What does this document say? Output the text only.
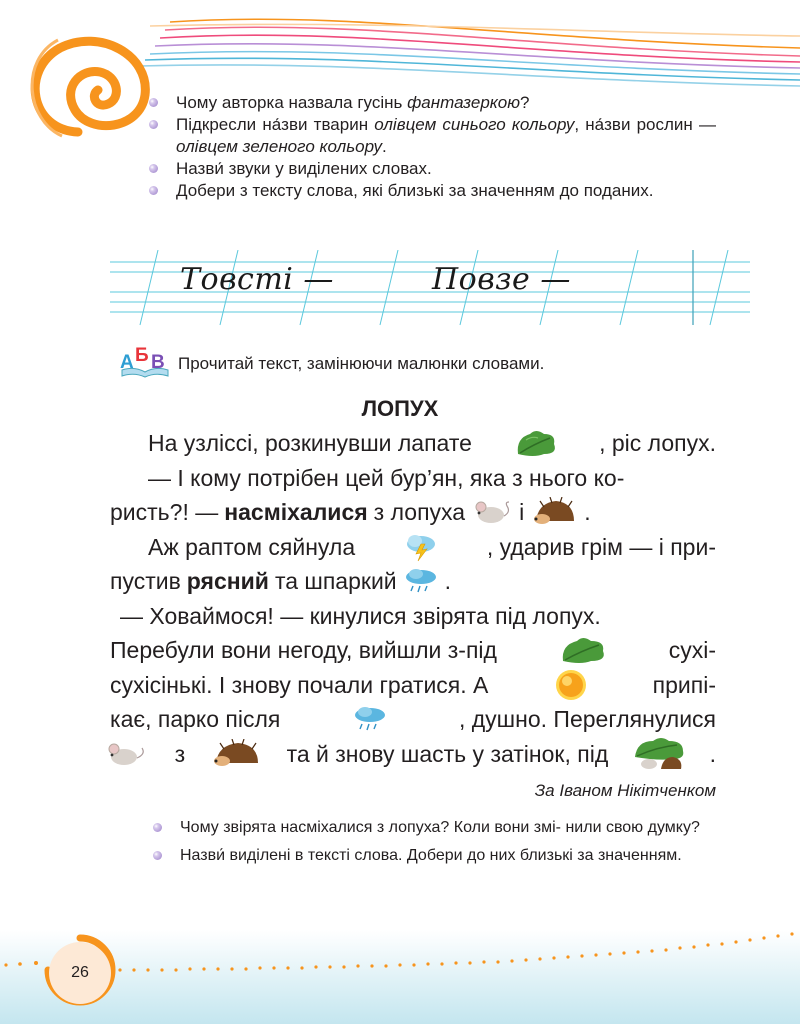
Чому авторка назвала гусінь фантазеркою?
Підкресли на́зви тварин олівцем синього кольору, на́зви рослин — олівцем зеленого кольору.
Назви́ звуки у виділених словах.
Добери з тексту слова, які близькі за значенням до поданих.
Товсті —	Повзе —
А Б В Прочитай текст, замінюючи малюнки словами.
ЛОПУХ
На узліссі, розкинувши лапате	, ріс лопух.
— І кому потрібен цей бур’ян, яка з нього ко-
ристь?! — насміхалися з лопуха і	.
Аж раптом сяйнула	, ударив грім — і при-
пустив рясний та шпаркий .
— Ховаймося! — кинулися звірята під лопух.
Перебули вони негоду, вийшли з-під	сухі-
сухісінькі. І знову почали гратися. А	припі-
кає, парко після	, душно. Переглянулися
з	та й знову шасть у затінок, під	.
За Іваном Нікітченком
Чому звірята насміхалися з лопуха? Коли вони змі- нили свою думку?
Назви́ виділені в тексті слова. Добери до них близькі за значенням.
26
